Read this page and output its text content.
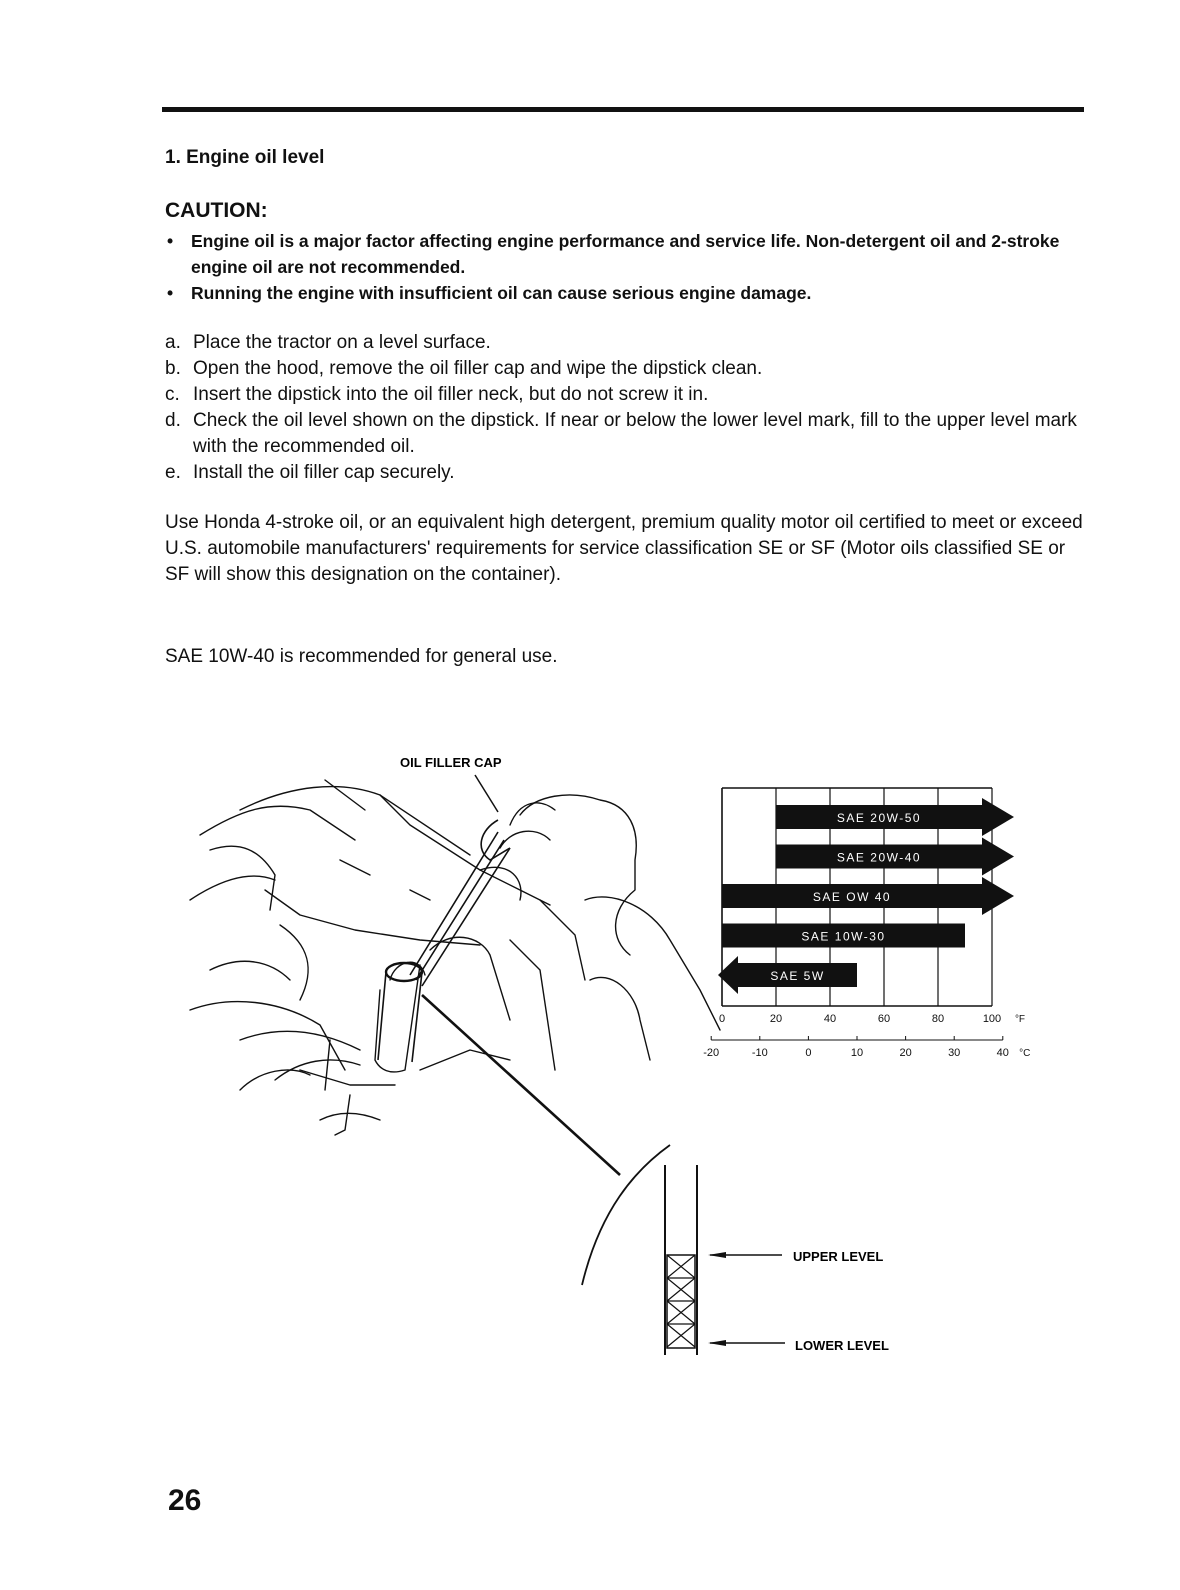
1. Engine oil level
CAUTION:
• Engine oil is a major factor affecting engine performance and service life. Non-detergent oil and 2-stroke engine oil are not recommended.
• Running the engine with insufficient oil can cause serious engine damage.
a. Place the tractor on a level surface.
b. Open the hood, remove the oil filler cap and wipe the dipstick clean.
c. Insert the dipstick into the oil filler neck, but do not screw it in.
d. Check the oil level shown on the dipstick. If near or below the lower level mark, fill to the upper level mark with the recommended oil.
e. Install the oil filler cap securely.

Use Honda 4-stroke oil, or an equivalent high detergent, premium quality motor oil certified to meet or exceed U.S. automobile manufacturers' requirements for service classification SE or SF (Motor oils classified SE or SF will show this designation on the container).

SAE 10W-40 is recommended for general use.
OIL FILLER CAP
UPPER LEVEL
LOWER LEVEL
SAE 20W-50
SAE 20W-40
SAE OW 40
SAE 10W-30
SAE 5W
0	20	40	60	80	100 °F
-20	-10	0	10	20	30	40 °C
26
